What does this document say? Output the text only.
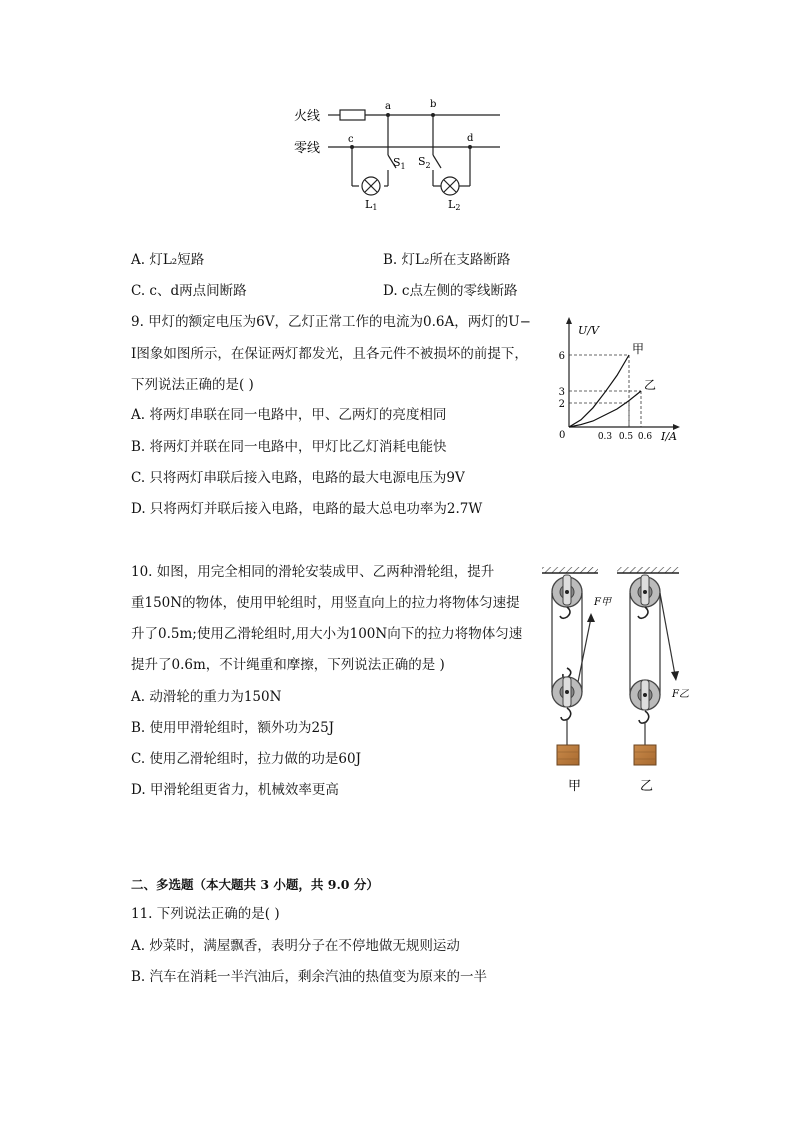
火线
零线
a	b
c	d
$S_1$ $S_2$
L1	L2
A. 灯L₂短路	B. 灯L₂所在支路断路
C. c、d两点间断路	D. c点左侧的零线断路
9. 甲灯的额定电压为6V，乙灯正常工作的电流为0.6A，两灯的U−
I图象如图所示，在保证两灯都发光，且各元件不被损坏的前提下，
下列说法正确的是( )
A. 将两灯串联在同一电路中，甲、乙两灯的亮度相同
B. 将两灯并联在同一电路中，甲灯比乙灯消耗电能快
C. 只将两灯串联后接入电路，电路的最大电源电压为9V
D. 只将两灯并联后接入电路，电路的最大总电功率为2.7W
U/V
I/A
0
2
3
6
0.3 0.5 0.6
甲
乙
10. 如图，用完全相同的滑轮安装成甲、乙两种滑轮组，提升
重150N的物体，使用甲轮组时，用竖直向上的拉力将物体匀速提
升了0.5m;使用乙滑轮组时,用大小为100N向下的拉力将物体匀速
提升了0.6m，不计绳重和摩擦，下列说法正确的是 )
A. 动滑轮的重力为150N
B. 使用甲滑轮组时，额外功为25J
C. 使用乙滑轮组时，拉力做的功是60J
D. 甲滑轮组更省力，机械效率更高
F甲
F乙
甲	乙
二、多选题（本大题共 3 小题，共 9.0 分）
11. 下列说法正确的是( )
A. 炒菜时，满屋飘香，表明分子在不停地做无规则运动
B. 汽车在消耗一半汽油后，剩余汽油的热值变为原来的一半
